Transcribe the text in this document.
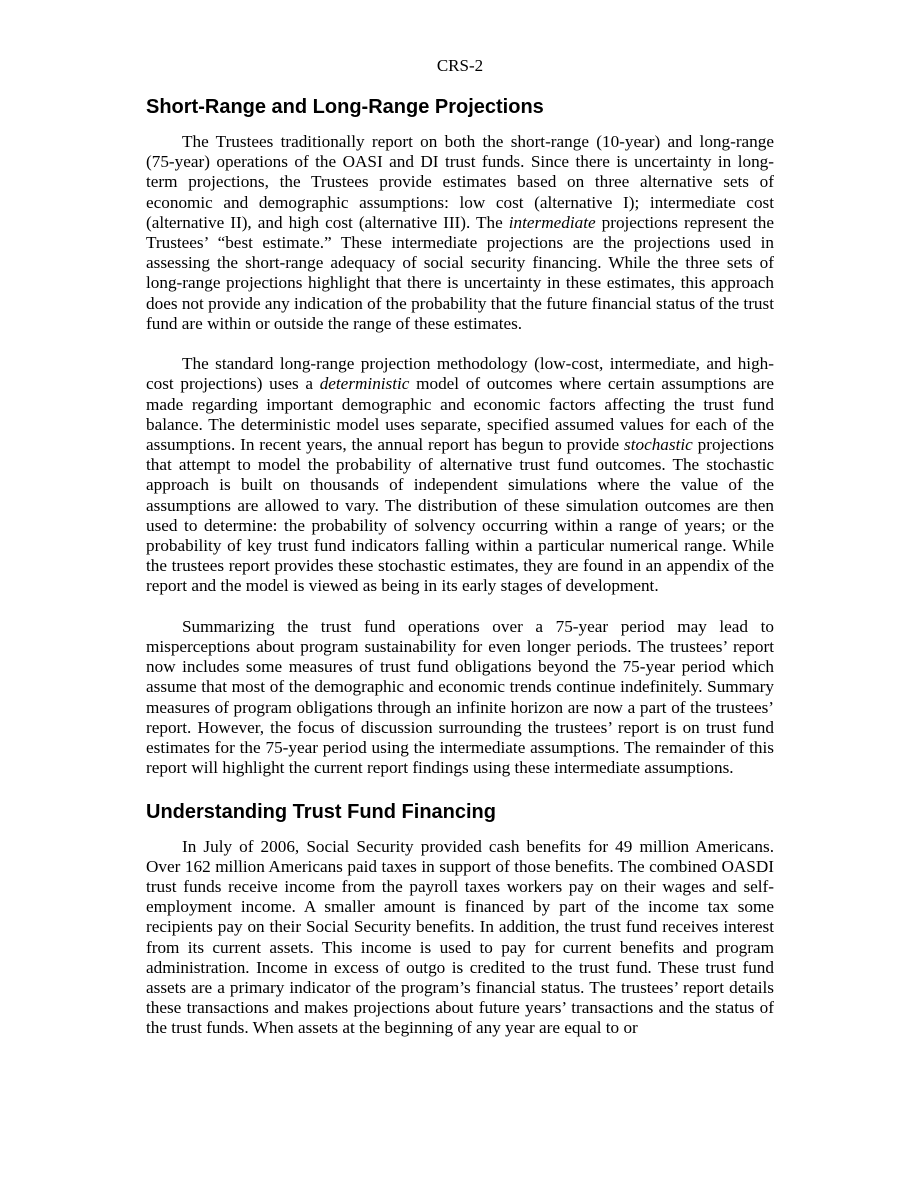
CRS-2
Short-Range and Long-Range Projections

The Trustees traditionally report on both the short-range (10-year) and long-range (75-year) operations of the OASI and DI trust funds. Since there is uncertainty in long-term projections, the Trustees provide estimates based on three alternative sets of economic and demographic assumptions: low cost (alternative I); intermediate cost (alternative II), and high cost (alternative III). The intermediate projections represent the Trustees’ “best estimate.” These intermediate projections are the projections used in assessing the short-range adequacy of social security financing. While the three sets of long-range projections highlight that there is uncertainty in these estimates, this approach does not provide any indication of the probability that the future financial status of the trust fund are within or outside the range of these estimates.

The standard long-range projection methodology (low-cost, intermediate, and high-cost projections) uses a deterministic model of outcomes where certain assumptions are made regarding important demographic and economic factors affecting the trust fund balance. The deterministic model uses separate, specified assumed values for each of the assumptions. In recent years, the annual report has begun to provide stochastic projections that attempt to model the probability of alternative trust fund outcomes. The stochastic approach is built on thousands of independent simulations where the value of the assumptions are allowed to vary. The distribution of these simulation outcomes are then used to determine: the probability of solvency occurring within a range of years; or the probability of key trust fund indicators falling within a particular numerical range. While the trustees report provides these stochastic estimates, they are found in an appendix of the report and the model is viewed as being in its early stages of development.

Summarizing the trust fund operations over a 75-year period may lead to misperceptions about program sustainability for even longer periods. The trustees’ report now includes some measures of trust fund obligations beyond the 75-year period which assume that most of the demographic and economic trends continue indefinitely. Summary measures of program obligations through an infinite horizon are now a part of the trustees’ report. However, the focus of discussion surrounding the trustees’ report is on trust fund estimates for the 75-year period using the intermediate assumptions. The remainder of this report will highlight the current report findings using these intermediate assumptions.

Understanding Trust Fund Financing

In July of 2006, Social Security provided cash benefits for 49 million Americans. Over 162 million Americans paid taxes in support of those benefits. The combined OASDI trust funds receive income from the payroll taxes workers pay on their wages and self-employment income. A smaller amount is financed by part of the income tax some recipients pay on their Social Security benefits. In addition, the trust fund receives interest from its current assets. This income is used to pay for current benefits and program administration. Income in excess of outgo is credited to the trust fund. These trust fund assets are a primary indicator of the program’s financial status. The trustees’ report details these transactions and makes projections about future years’ transactions and the status of the trust funds. When assets at the beginning of any year are equal to or
